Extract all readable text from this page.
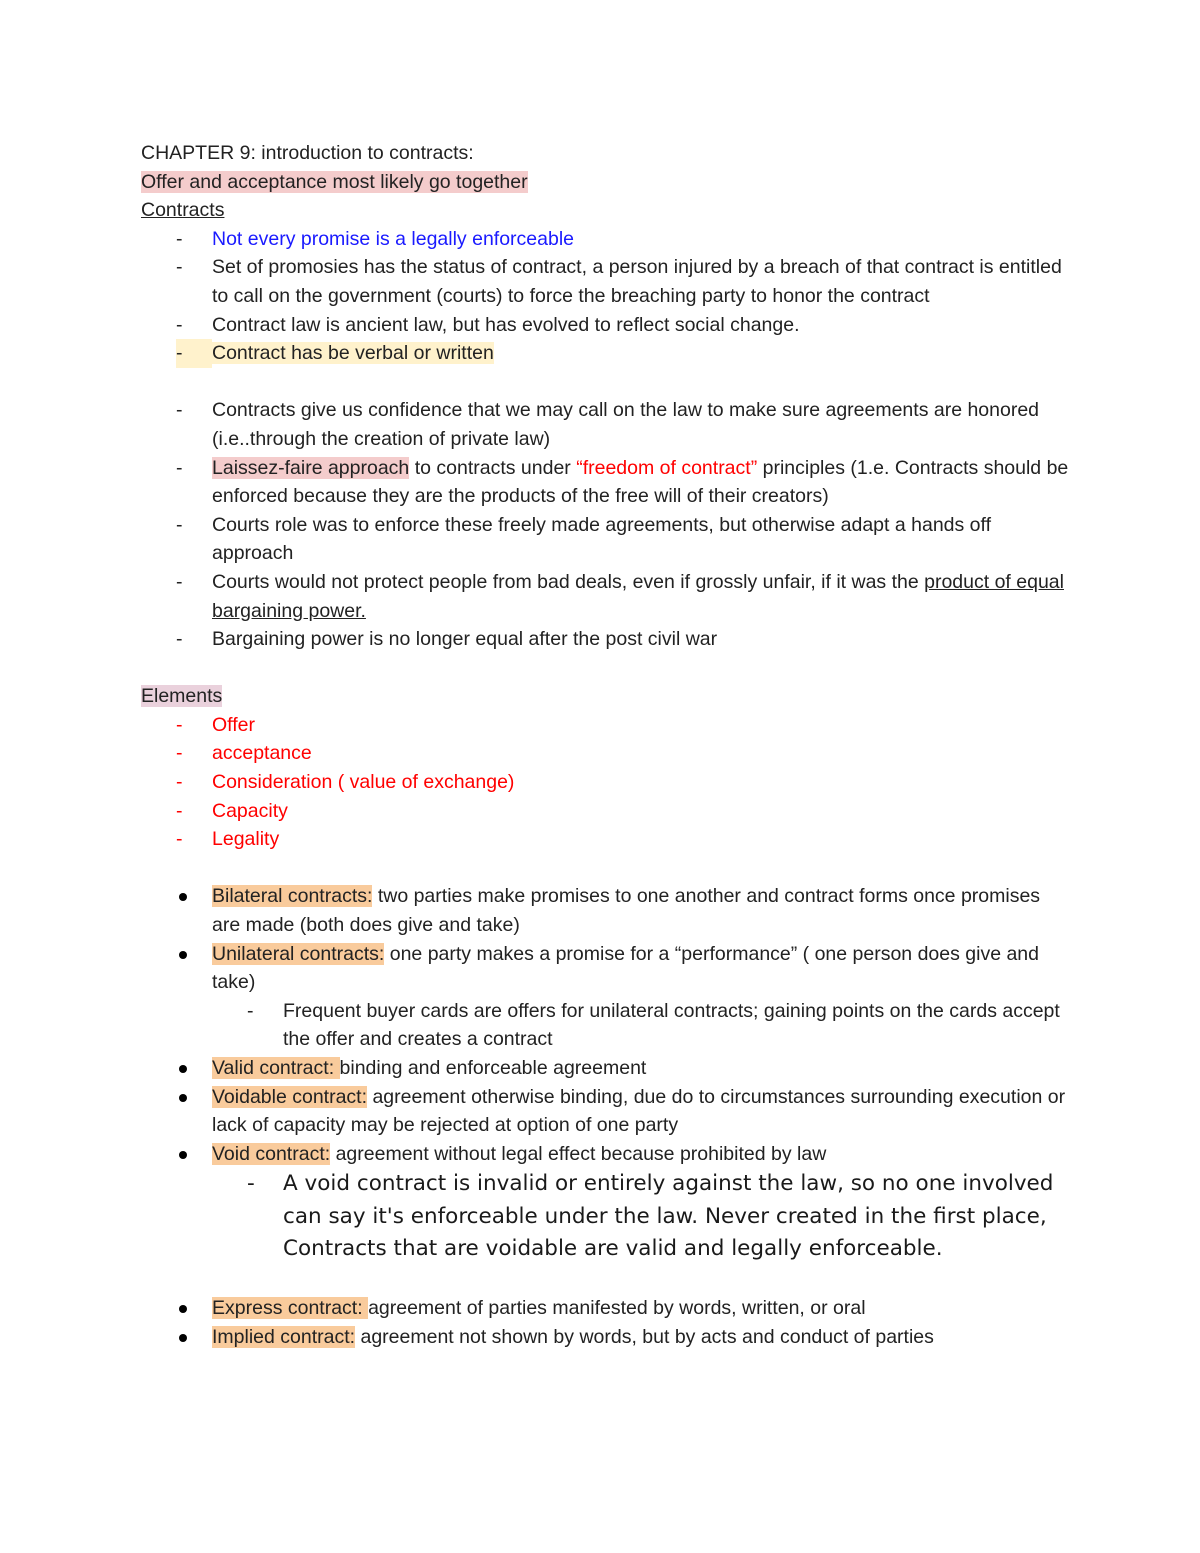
CHAPTER 9: introduction to contracts:
Offer and acceptance most likely go together
Contracts
- Not every promise is a legally enforceable
- Set of promosies has the status of contract, a person injured by a breach of that contract is entitled to call on the government (courts) to force the breaching party to honor the contract
- Contract law is ancient law, but has evolved to reflect social change.
- Contract has be verbal or written
- Contracts give us confidence that we may call on the law to make sure agreements are honored (i.e..through the creation of private law)
- Laissez-faire approach to contracts under “freedom of contract” principles (1.e. Contracts should be enforced because they are the products of the free will of their creators)
- Courts role was to enforce these freely made agreements, but otherwise adapt a hands off approach
- Courts would not protect people from bad deals, even if grossly unfair, if it was the product of equal bargaining power.
- Bargaining power is no longer equal after the post civil war
Elements
- Offer
- acceptance
- Consideration ( value of exchange)
- Capacity
- Legality
Bilateral contracts: two parties make promises to one another and contract forms once promises are made (both does give and take)
Unilateral contracts: one party makes a promise for a “performance” ( one person does give and take)
- Frequent buyer cards are offers for unilateral contracts; gaining points on the cards accept the offer and creates a contract
Valid contract: binding and enforceable agreement
Voidable contract: agreement otherwise binding, due do to circumstances surrounding execution or lack of capacity may be rejected at option of one party
Void contract: agreement without legal effect because prohibited by law
- A void contract is invalid or entirely against the law, so no one involved can say it's enforceable under the law. Never created in the first place, Contracts that are voidable are valid and legally enforceable.
Express contract: agreement of parties manifested by words, written, or oral
Implied contract: agreement not shown by words, but by acts and conduct of parties
